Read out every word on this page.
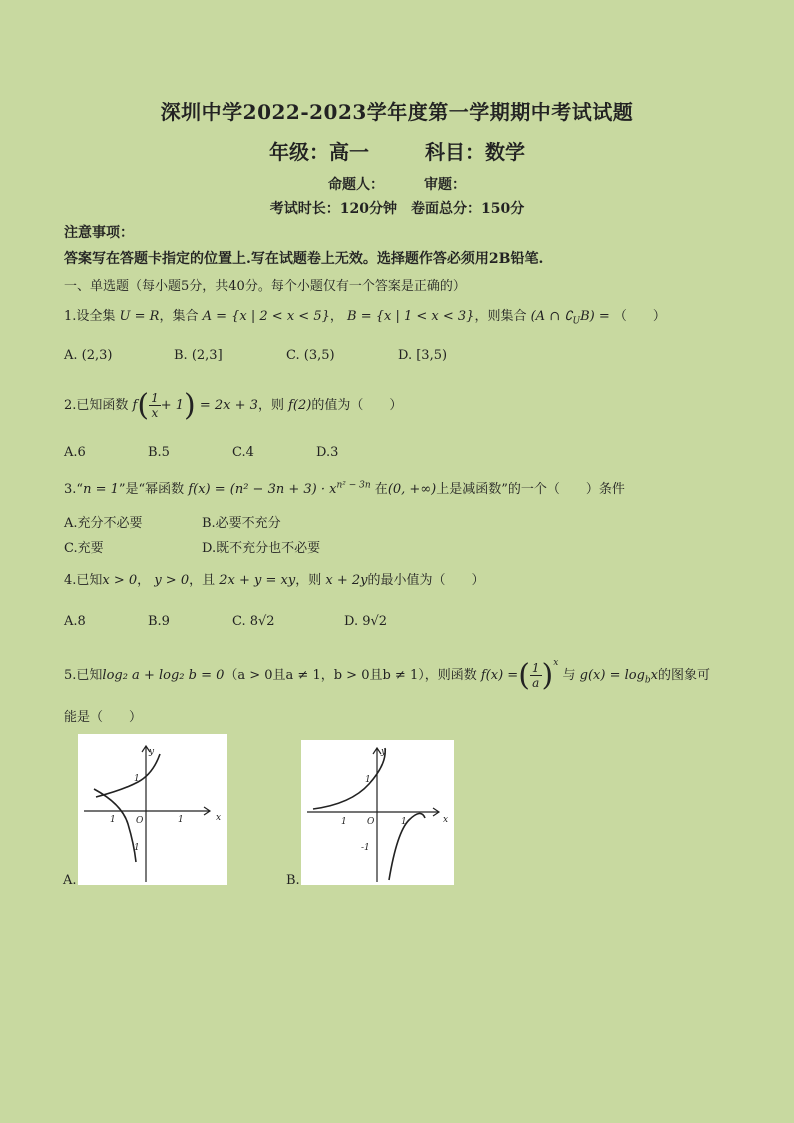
深圳中学2022-2023学年度第一学期期中考试试题
年级：高一	科目：数学
命题人：	审题：
考试时长：120分钟 卷面总分：150分
注意事项：
答案写在答题卡指定的位置上.写在试题卷上无效。选择题作答必须用2B铅笔.
一、单选题（每小题5分，共40分。每个小题仅有一个答案是正确的）
1.设全集 U = R，集合 A = {x | 2 < x < 5}， B = {x | 1 < x < 3}，则集合 (A ∩ $∁_UB$) = （　　）
A. (2,3)	B. (2,3]	C. (3,5)	D. [3,5)
2.已知函数 $f( \frac{1}{x} + 1) = 2x + 3$，则 f(2)的值为（　　）
A.6	B.5	C.4	D.3
3.“n = 1”是“幂函数 $f(x) = (n^2 - 3n + 3) \cdot x^{n^2 - 3n}$ 在(0, +∞)上是减函数”的一个（　　）条件
A.充分不必要	B.必要不充分
C.充要	D.既不充分也不必要
4.已知x > 0， y > 0，且 2x + y = xy，则 x + 2y的最小值为（　　）
A.8	B.9	C. 8√2	D. 9√2
5.已知log₂ a + log₂ b = 0（a > 0且a ≠ 1，b > 0且b ≠ 1），则函数 f(x) =( $\frac{1}{a} )^x$ 与 $g(x) = \log_bx$的图象可
能是（　　）
A.
x
y
O
1
1
1
1
B.
x
y
O
1
1	1
-1
